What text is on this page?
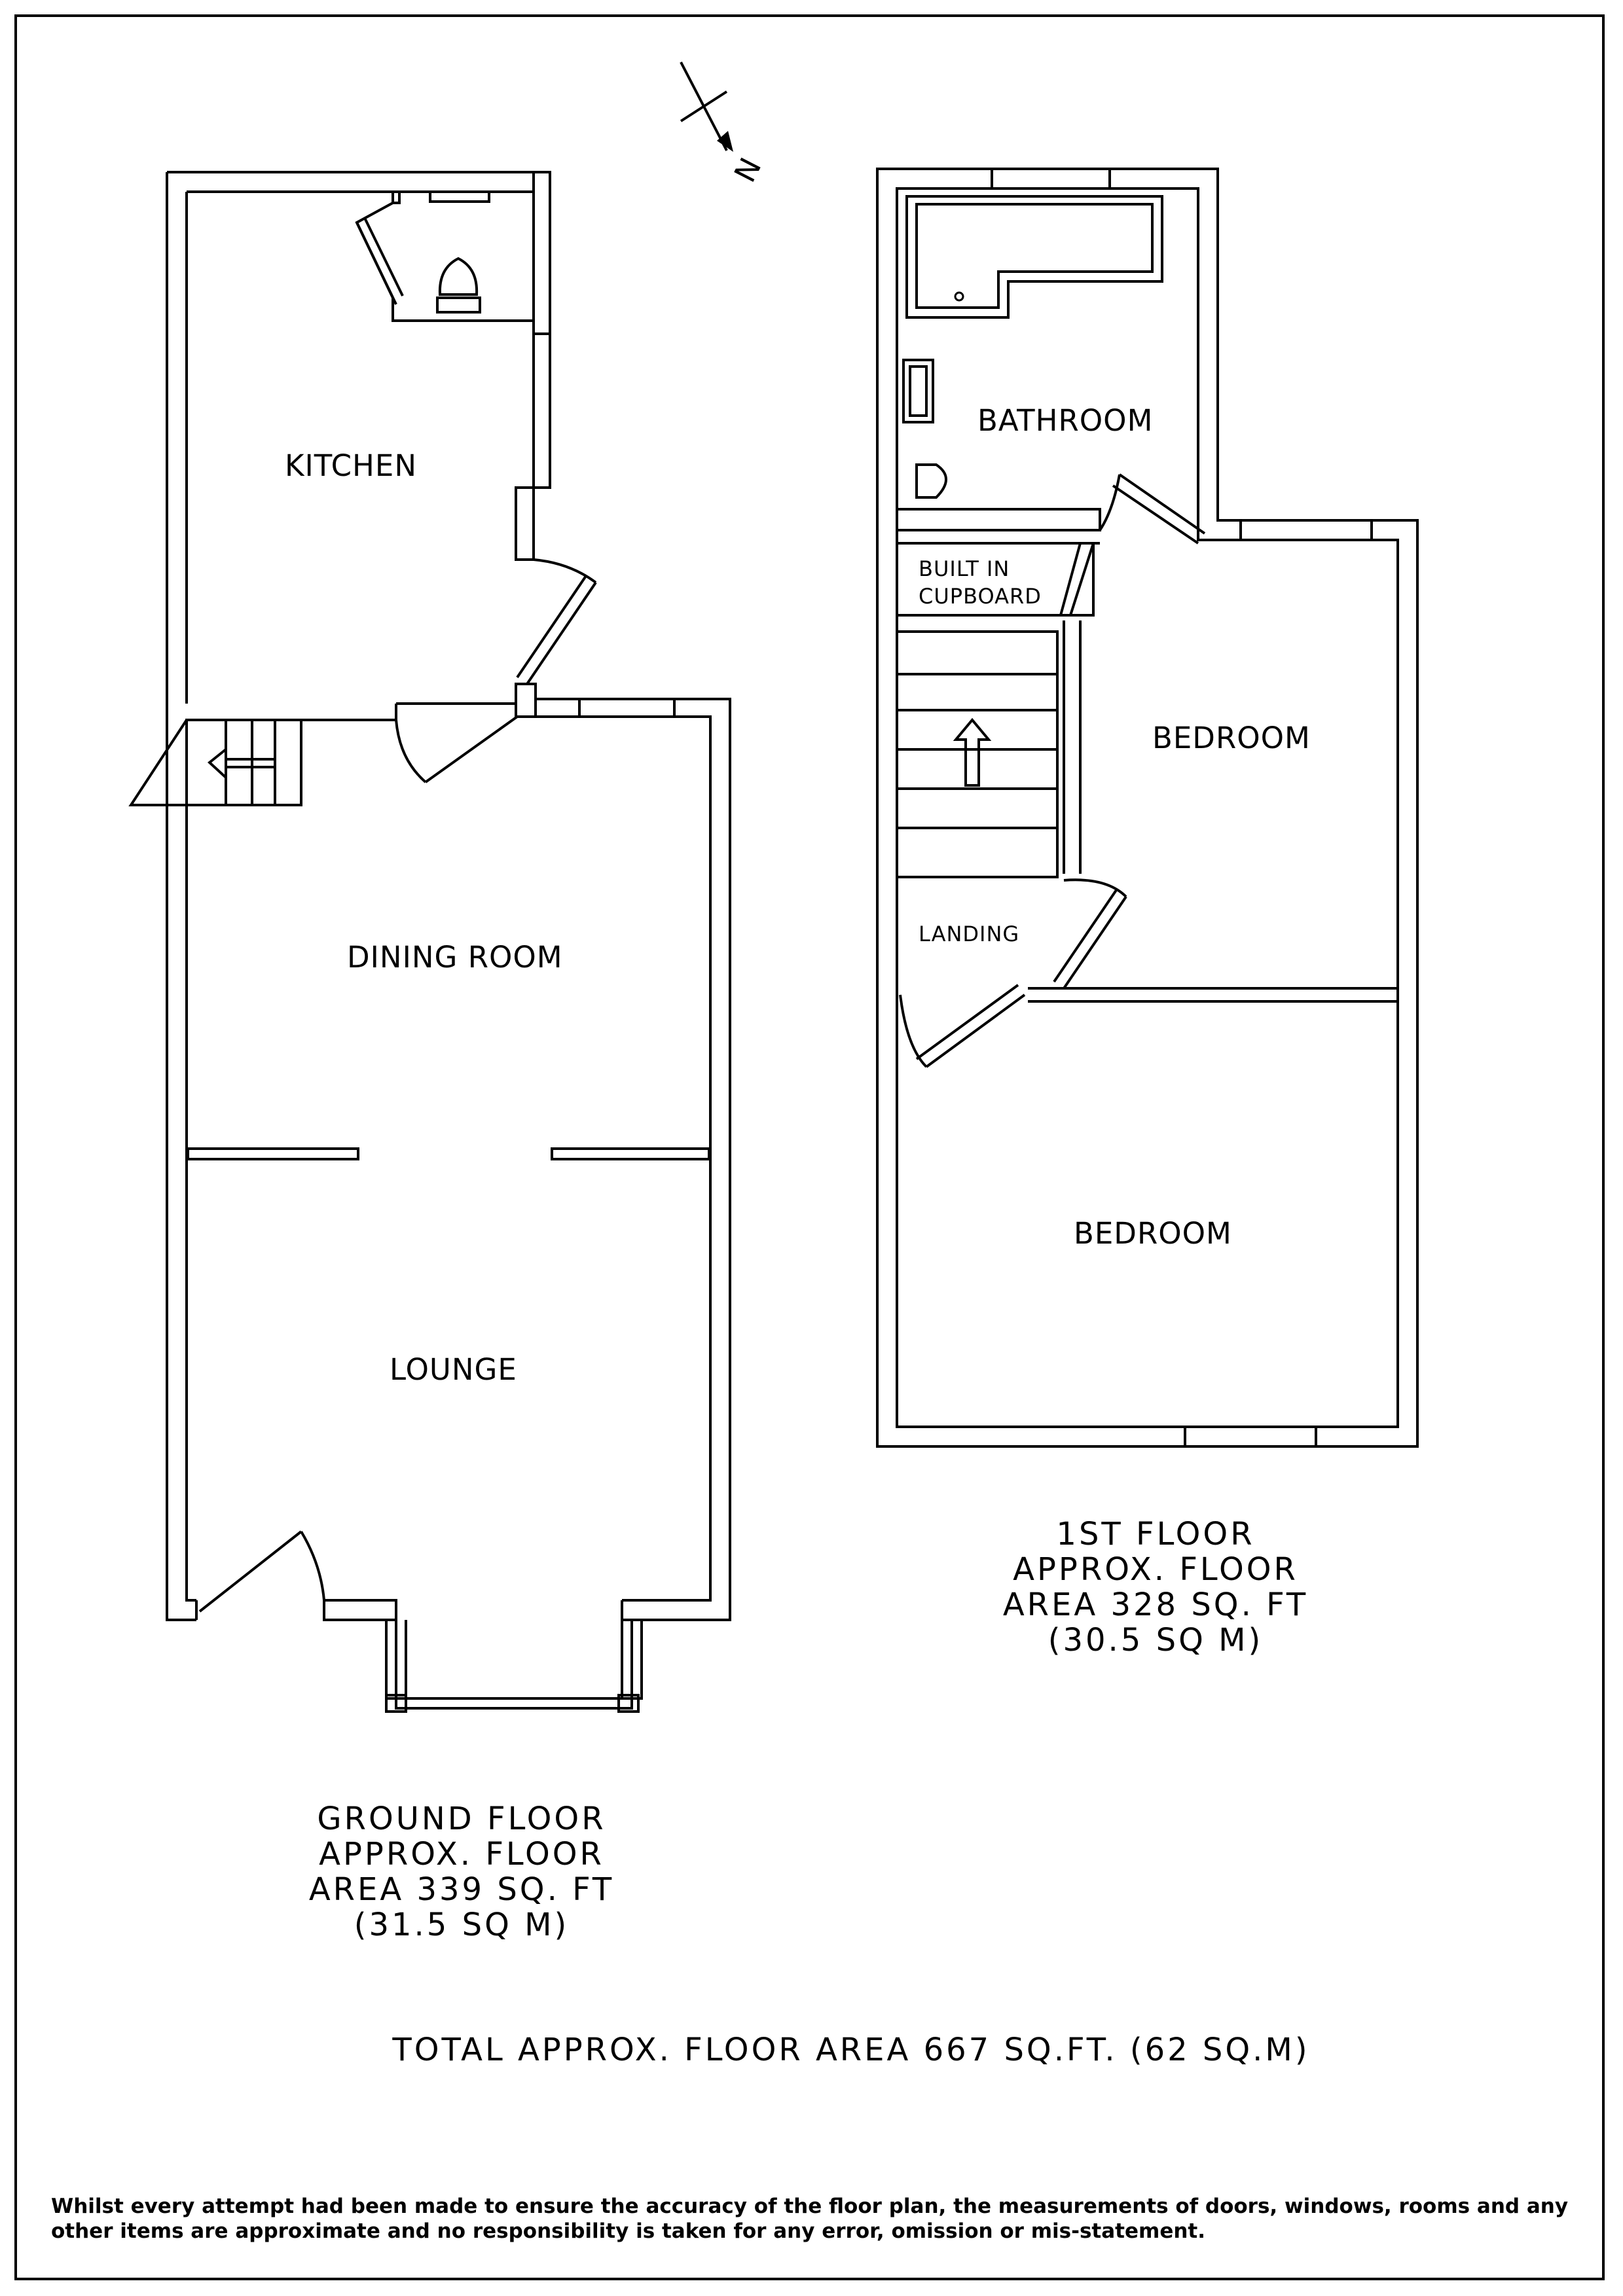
N
KITCHEN
DINING ROOM
LOUNGE
BATHROOM
BUILT IN
CUPBOARD
BEDROOM
LANDING
BEDROOM
1ST FLOOR
APPROX. FLOOR
AREA 328 SQ. FT
(30.5 SQ M)
GROUND FLOOR
APPROX. FLOOR
AREA 339 SQ. FT
(31.5 SQ M)
TOTAL APPROX. FLOOR AREA 667 SQ.FT. (62 SQ.M)
Whilst every attempt had been made to ensure the accuracy of the floor plan, the measurements of doors, windows, rooms and any other items are approximate and no responsibility is taken for any error, omission or mis-statement.
